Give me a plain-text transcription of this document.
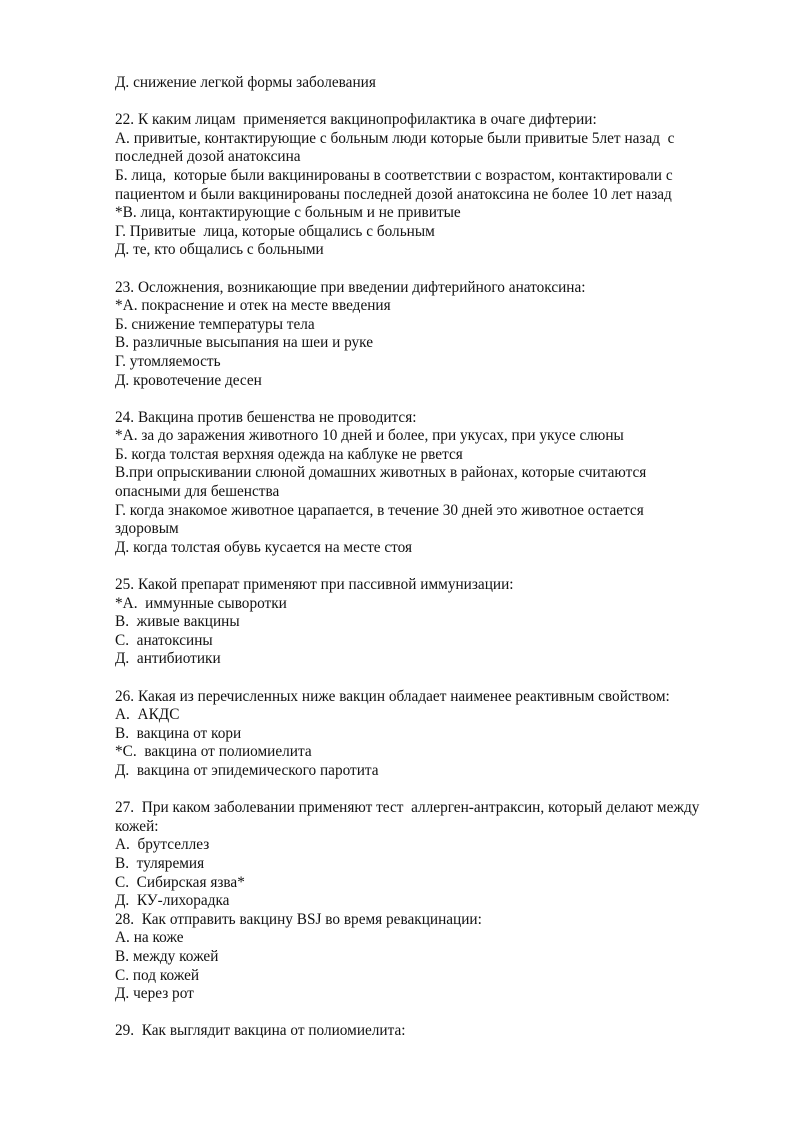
Д. снижение легкой формы заболевания

22. К каким лицам  применяется вакцинопрофилактика в очаге дифтерии:

А. привитые, контактирующие с больным люди которые были привитые 5лет назад  с

последней дозой анатоксина

Б. лица,  которые были вакцинированы в соответствии с возрастом, контактировали с

пациентом и были вакцинированы последней дозой анатоксина не более 10 лет назад

*В. лица, контактирующие с больным и не привитые

Г. Привитые  лица, которые общались с больным

Д. те, кто общались с больными

23. Осложнения, возникающие при введении дифтерийного анатоксина:

*А. покраснение и отек на месте введения

Б. снижение температуры тела

В. различные высыпания на шеи и руке

Г. утомляемость

Д. кровотечение десен

24. Вакцина против бешенства не проводится:

*А. за до заражения животного 10 дней и более, при укусах, при укусе слюны

Б. когда толстая верхняя одежда на каблуке не рвется

В.при опрыскивании слюной домашних животных в районах, которые считаются

опасными для бешенства

Г. когда знакомое животное царапается, в течение 30 дней это животное остается

здоровым

Д. когда толстая обувь кусается на месте стоя

25. Какой препарат применяют при пассивной иммунизации:

*А.  иммунные сыворотки

B.  живые вакцины

C.  анатоксины

Д.  антибиотики

26. Какая из перечисленных ниже вакцин обладает наименее реактивным свойством:

A.  АКДС

B.  вакцина от кори

*C.  вакцина от полиомиелита

Д.  вакцина от эпидемического паротита

27.  При каком заболевании применяют тест  аллерген-антраксин, который делают между

кожей:

A.  брутселлез

B.  туляремия

C.  Сибирская язва*

Д.  КУ-лихорадка

28.  Как отправить вакцину BSJ во время ревакцинации:

А. на коже

В. между кожей

С. под кожей

Д. через рот

29.  Как выглядит вакцина от полиомиелита:
